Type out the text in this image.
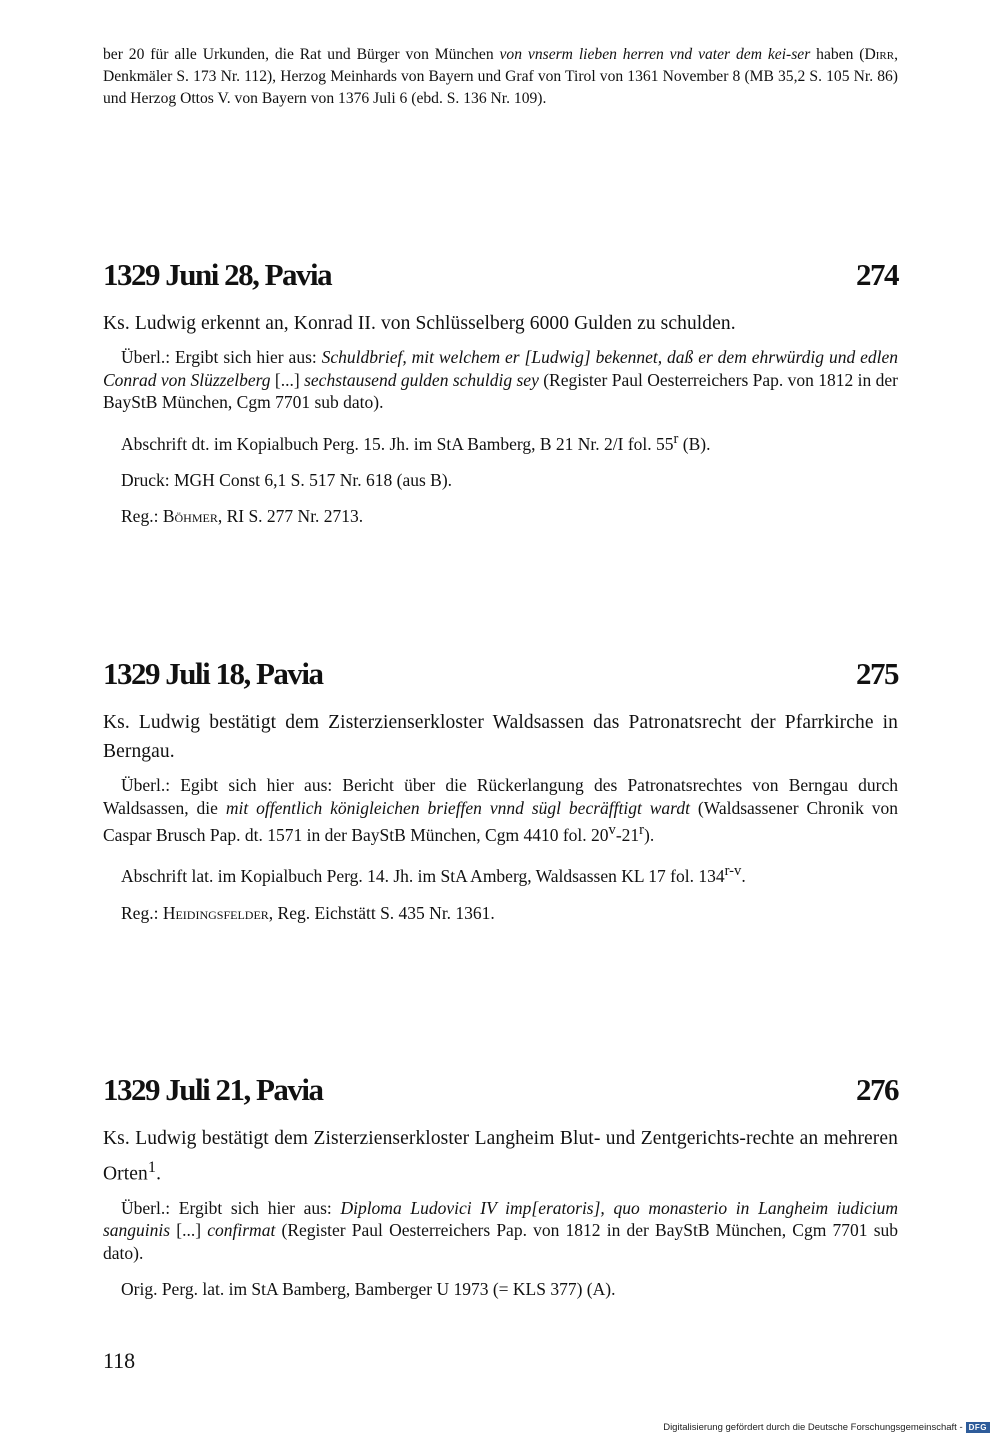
ber 20 für alle Urkunden, die Rat und Bürger von München von vnserm lieben herren vnd vater dem kei-ser haben (Dirr, Denkmäler S. 173 Nr. 112), Herzog Meinhards von Bayern und Graf von Tirol von 1361 November 8 (MB 35,2 S. 105 Nr. 86) und Herzog Ottos V. von Bayern von 1376 Juli 6 (ebd. S. 136 Nr. 109).
1329 Juni 28, Pavia	274
Ks. Ludwig erkennt an, Konrad II. von Schlüsselberg 6000 Gulden zu schulden.
Überl.: Ergibt sich hier aus: Schuldbrief, mit welchem er [Ludwig] bekennet, daß er dem ehrwürdig und edlen Conrad von Slüzzelberg [...] sechstausend gulden schuldig sey (Register Paul Oesterreichers Pap. von 1812 in der BayStB München, Cgm 7701 sub dato).
Abschrift dt. im Kopialbuch Perg. 15. Jh. im StA Bamberg, B 21 Nr. 2/I fol. 55$^r$ (B).
Druck: MGH Const 6,1 S. 517 Nr. 618 (aus B).
Reg.: Böhmer, RI S. 277 Nr. 2713.
1329 Juli 18, Pavia	275
Ks. Ludwig bestätigt dem Zisterzienserkloster Waldsassen das Patronatsrecht der Pfarrkirche in Berngau.
Überl.: Egibt sich hier aus: Bericht über die Rückerlangung des Patronatsrechtes von Berngau durch Waldsassen, die mit offentlich königleichen brieffen vnnd sügl becräfftigt wardt (Waldsassener Chronik von Caspar Brusch Pap. dt. 1571 in der BayStB München, Cgm 4410 fol. 20$^v$-21$^r$).
Abschrift lat. im Kopialbuch Perg. 14. Jh. im StA Amberg, Waldsassen KL 17 fol. 134$^{r-v}$.
Reg.: Heidingsfelder, Reg. Eichstätt S. 435 Nr. 1361.
1329 Juli 21, Pavia	276
Ks. Ludwig bestätigt dem Zisterzienserkloster Langheim Blut- und Zentgerichts-rechte an mehreren Orten$^1$.
Überl.: Ergibt sich hier aus: Diploma Ludovici IV imp[eratoris], quo monasterio in Langheim iudicium sanguinis [...] confirmat (Register Paul Oesterreichers Pap. von 1812 in der BayStB München, Cgm 7701 sub dato).
Orig. Perg. lat. im StA Bamberg, Bamberger U 1973 (= KLS 377) (A).
118
Digitalisierung gefördert durch die Deutsche Forschungsgemeinschaft - DFG
